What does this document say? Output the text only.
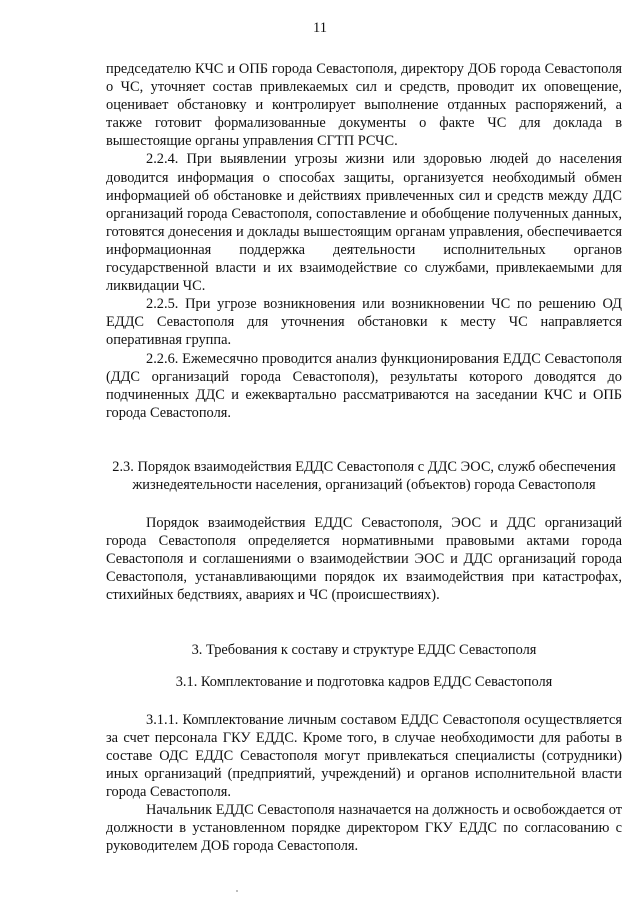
11

председателю КЧС и ОПБ города Севастополя, директору ДОБ города Севастополя о ЧС, уточняет состав привлекаемых сил и средств, проводит их оповещение, оценивает обстановку и контролирует выполнение отданных распоряжений, а также готовит формализованные документы о факте ЧС для доклада в вышестоящие органы управления СГТП РСЧС.

2.2.4. При выявлении угрозы жизни или здоровью людей до населения доводится информация о способах защиты, организуется необходимый обмен информацией об обстановке и действиях привлеченных сил и средств между ДДС организаций города Севастополя, сопоставление и обобщение полученных данных, готовятся донесения и доклады вышестоящим органам управления, обеспечивается информационная поддержка деятельности исполнительных органов государственной власти и их взаимодействие со службами, привлекаемыми для ликвидации ЧС.

2.2.5. При угрозе возникновения или возникновении ЧС по решению ОД ЕДДС Севастополя для уточнения обстановки к месту ЧС направляется оперативная группа.

2.2.6. Ежемесячно проводится анализ функционирования ЕДДС Севастополя (ДДС организаций города Севастополя), результаты которого доводятся до подчиненных ДДС и ежеквартально рассматриваются на заседании КЧС и ОПБ города Севастополя.

2.3. Порядок взаимодействия ЕДДС Севастополя с ДДС ЭОС, служб обеспечения жизнедеятельности населения, организаций (объектов) города Севастополя

Порядок взаимодействия ЕДДС Севастополя, ЭОС и ДДС организаций города Севастополя определяется нормативными правовыми актами города Севастополя и соглашениями о взаимодействии ЭОС и ДДС организаций города Севастополя, устанавливающими порядок их взаимодействия при катастрофах, стихийных бедствиях, авариях и ЧС (происшествиях).

3. Требования к составу и структуре ЕДДС Севастополя

3.1. Комплектование и подготовка кадров ЕДДС Севастополя

3.1.1. Комплектование личным составом ЕДДС Севастополя осуществляется за счет персонала ГКУ ЕДДС. Кроме того, в случае необходимости для работы в составе ОДС ЕДДС Севастополя могут привлекаться специалисты (сотрудники) иных организаций (предприятий, учреждений) и органов исполнительной власти города Севастополя.

Начальник ЕДДС Севастополя назначается на должность и освобождается от должности в установленном порядке директором ГКУ ЕДДС по согласованию с руководителем ДОБ города Севастополя.
